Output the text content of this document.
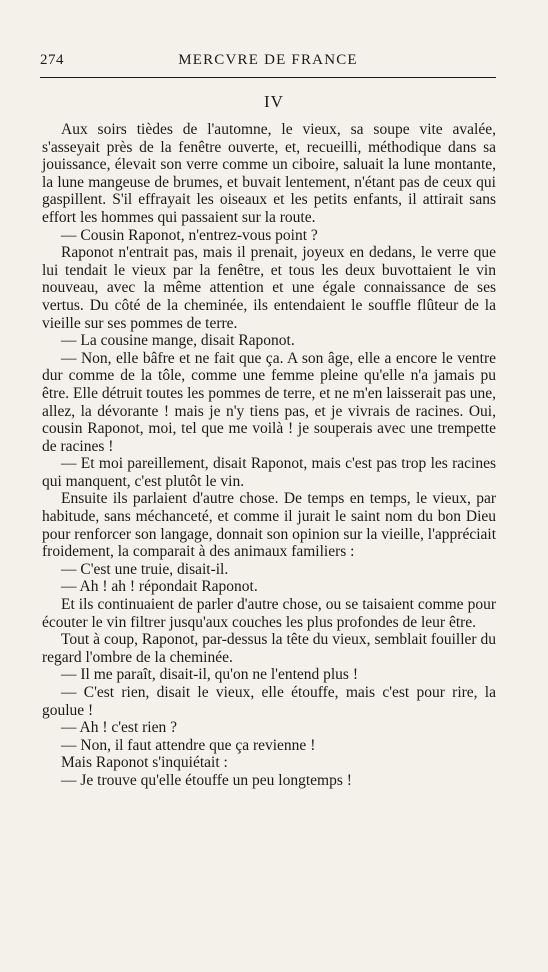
274	MERCVRE DE FRANCE
IV

Aux soirs tièdes de l'automne, le vieux, sa soupe vite avalée, s'asseyait près de la fenêtre ouverte, et, recueilli, méthodique dans sa jouissance, élevait son verre comme un ciboire, saluait la lune montante, la lune mangeuse de brumes, et buvait lentement, n'étant pas de ceux qui gaspillent. S'il effrayait les oiseaux et les petits enfants, il attirait sans effort les hommes qui passaient sur la route.

— Cousin Raponot, n'entrez-vous point ?

Raponot n'entrait pas, mais il prenait, joyeux en dedans, le verre que lui tendait le vieux par la fenêtre, et tous les deux buvottaient le vin nouveau, avec la même attention et une égale connaissance de ses vertus. Du côté de la cheminée, ils entendaient le souffle flûteur de la vieille sur ses pommes de terre.

— La cousine mange, disait Raponot.

— Non, elle bâfre et ne fait que ça. A son âge, elle a encore le ventre dur comme de la tôle, comme une femme pleine qu'elle n'a jamais pu être. Elle détruit toutes les pommes de terre, et ne m'en laisserait pas une, allez, la dévorante ! mais je n'y tiens pas, et je vivrais de racines. Oui, cousin Raponot, moi, tel que me voilà ! je souperais avec une trempette de racines !

— Et moi pareillement, disait Raponot, mais c'est pas trop les racines qui manquent, c'est plutôt le vin.

Ensuite ils parlaient d'autre chose. De temps en temps, le vieux, par habitude, sans méchanceté, et comme il jurait le saint nom du bon Dieu pour renforcer son langage, donnait son opinion sur la vieille, l'appréciait froidement, la comparait à des animaux familiers :

— C'est une truie, disait-il.

— Ah ! ah ! répondait Raponot.

Et ils continuaient de parler d'autre chose, ou se taisaient comme pour écouter le vin filtrer jusqu'aux couches les plus profondes de leur être.

Tout à coup, Raponot, par-dessus la tête du vieux, semblait fouiller du regard l'ombre de la cheminée.

— Il me paraît, disait-il, qu'on ne l'entend plus !

— C'est rien, disait le vieux, elle étouffe, mais c'est pour rire, la goulue !

— Ah ! c'est rien ?

— Non, il faut attendre que ça revienne !

Mais Raponot s'inquiétait :

— Je trouve qu'elle étouffe un peu longtemps !
